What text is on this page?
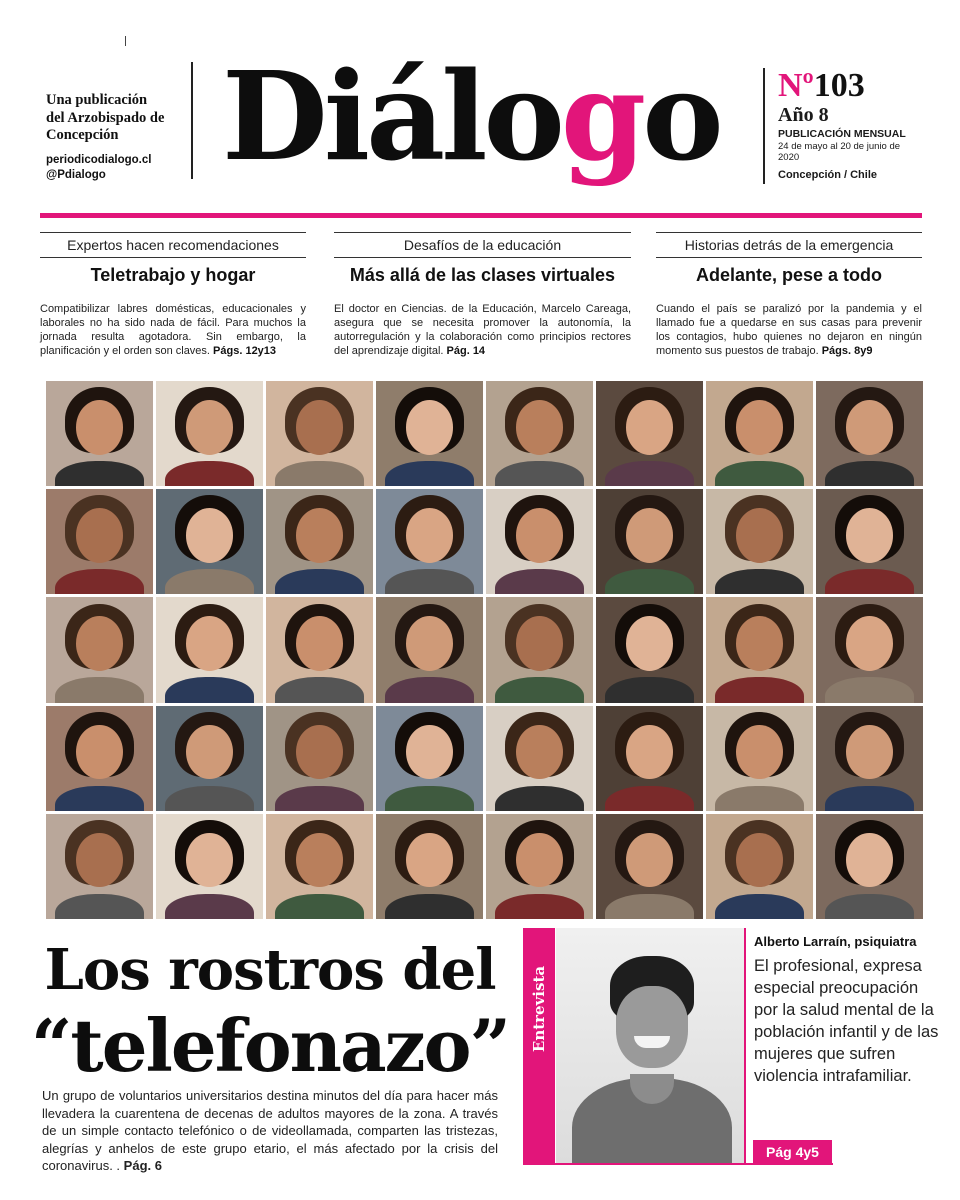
Una publicación
del Arzobispado de
Concepción
periodicodialogo.cl
@Pdialogo Diálogo Nº103
Año 8
PUBLICACIÓN MENSUAL
24 de mayo al 20 de junio de 2020
Concepción / Chile
Expertos hacen recomendaciones
Teletrabajo y hogar
Compatibilizar labres domésticas, educacionales y laborales no ha sido nada de fácil. Para muchos la jornada resulta agotadora. Sin embargo, la planificación y el orden son claves. Págs. 12y13
Desafíos de la educación
Más allá de las clases virtuales
El doctor en Ciencias. de la Educación, Marcelo Careaga, asegura que se necesita promover la autonomía, la autorregulación y la colaboración como principios rectores del aprendizaje digital. Pág. 14
Historias detrás de la emergencia
Adelante, pese a todo
Cuando el país se paralizó por la pandemia y el llamado fue a quedarse en sus casas para prevenir los contagios, hubo quienes no dejaron en ningún momento sus puestos de trabajo. Págs. 8y9
Los rostros del
“telefonazo”
Un grupo de voluntarios universitarios destina minutos del día para hacer más llevadera la cuarentena de decenas de adultos mayores de la zona. A través de un simple contacto telefónico o de videollamada, comparten las tristezas, alegrías y anhelos de este grupo etario, el más afectado por la crisis del coronavirus. . Pág. 6
Entrevista
Alberto Larraín, psiquiatra
El profesional, expresa especial preocupación por la salud mental de la población infantil y de las mujeres que sufren violencia intrafamiliar.
Pág 4y5
